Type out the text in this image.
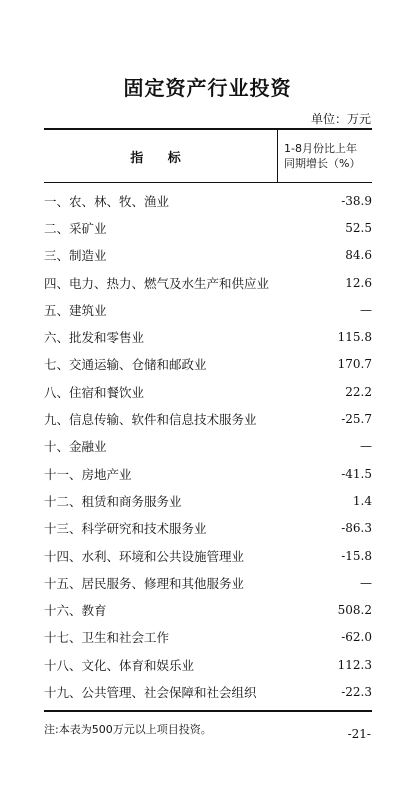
固定资产行业投资
单位：万元
指 标
1-8月份比上年
同期增长（%）
一、农、林、牧、渔业	-38.9
二、采矿业	52.5
三、制造业	84.6
四、电力、热力、燃气及水生产和供应业	12.6
五、建筑业	—
六、批发和零售业	115.8
七、交通运输、仓储和邮政业	170.7
八、住宿和餐饮业	22.2
九、信息传输、软件和信息技术服务业	-25.7
十、金融业	—
十一、房地产业	-41.5
十二、租赁和商务服务业	1.4
十三、科学研究和技术服务业	-86.3
十四、水利、环境和公共设施管理业	-15.8
十五、居民服务、修理和其他服务业	—
十六、教育	508.2
十七、卫生和社会工作	-62.0
十八、文化、体育和娱乐业	112.3
十九、公共管理、社会保障和社会组织	-22.3
注:本表为500万元以上项目投资。	-21-
